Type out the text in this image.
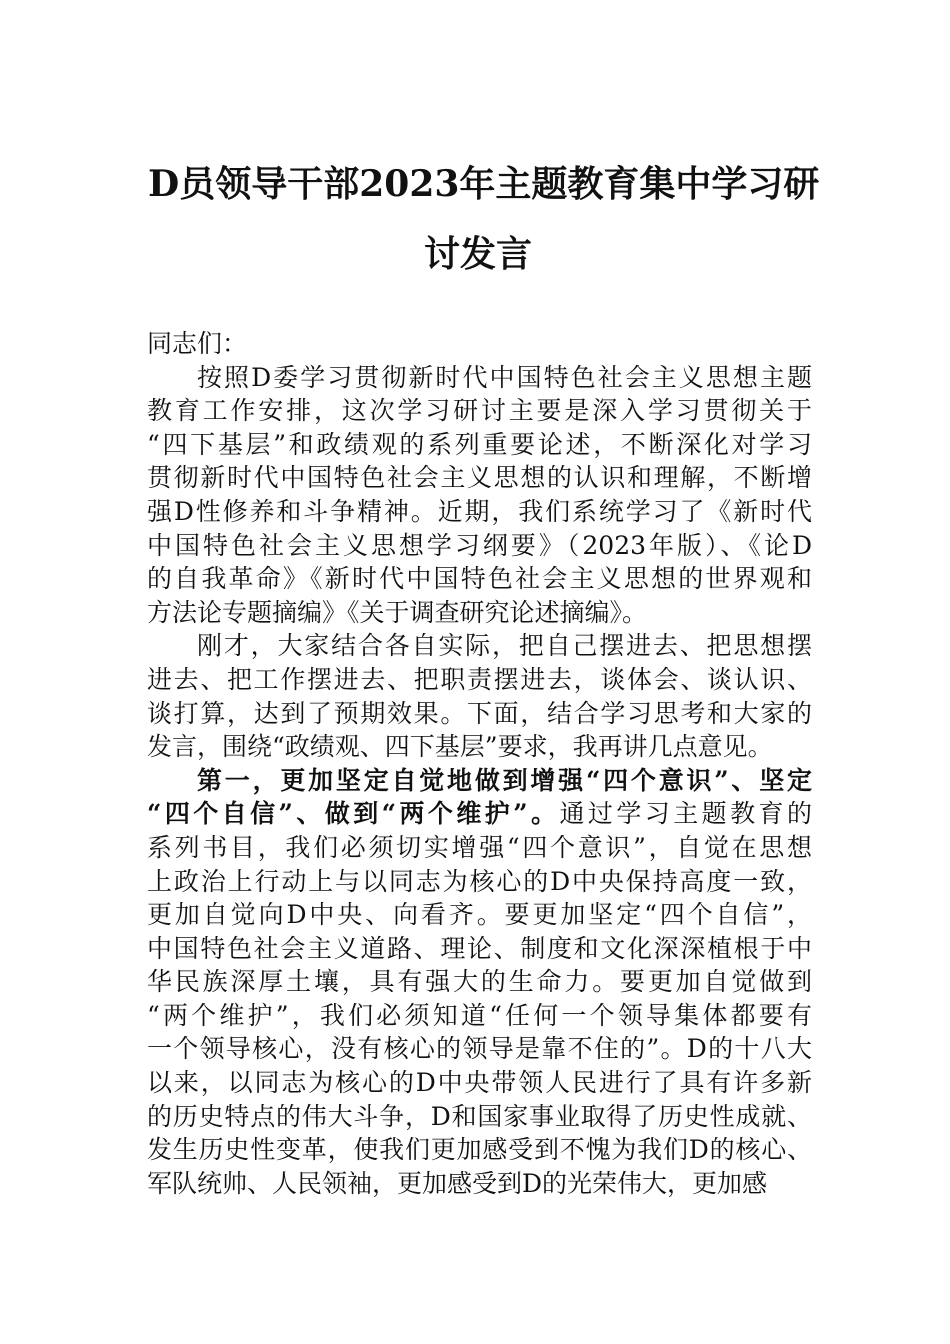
D员领导干部2023年主题教育集中学习研
讨发言
同志们：
按照D委学习贯彻新时代中国特色社会主义思想主题
教育工作安排，这次学习研讨主要是深入学习贯彻关于
“四下基层”和政绩观的系列重要论述，不断深化对学习
贯彻新时代中国特色社会主义思想的认识和理解，不断增
强D性修养和斗争精神。近期，我们系统学习了《新时代
中国特色社会主义思想学习纲要》（2023年版）、《论D
的自我革命》《新时代中国特色社会主义思想的世界观和
方法论专题摘编》《关于调查研究论述摘编》。
刚才，大家结合各自实际，把自己摆进去、把思想摆
进去、把工作摆进去、把职责摆进去，谈体会、谈认识、
谈打算，达到了预期效果。下面，结合学习思考和大家的
发言，围绕“政绩观、四下基层”要求，我再讲几点意见。
第一，更加坚定自觉地做到增强“四个意识”、坚定
“四个自信”、做到“两个维护”。通过学习主题教育的
系列书目，我们必须切实增强“四个意识”，自觉在思想
上政治上行动上与以同志为核心的D中央保持高度一致，
更加自觉向D中央、向看齐。要更加坚定“四个自信”，
中国特色社会主义道路、理论、制度和文化深深植根于中
华民族深厚土壤，具有强大的生命力。要更加自觉做到
“两个维护”，我们必须知道“任何一个领导集体都要有
一个领导核心，没有核心的领导是靠不住的”。D的十八大
以来，以同志为核心的D中央带领人民进行了具有许多新
的历史特点的伟大斗争，D和国家事业取得了历史性成就、
发生历史性变革，使我们更加感受到不愧为我们D的核心、
军队统帅、人民领袖，更加感受到D的光荣伟大，更加感
